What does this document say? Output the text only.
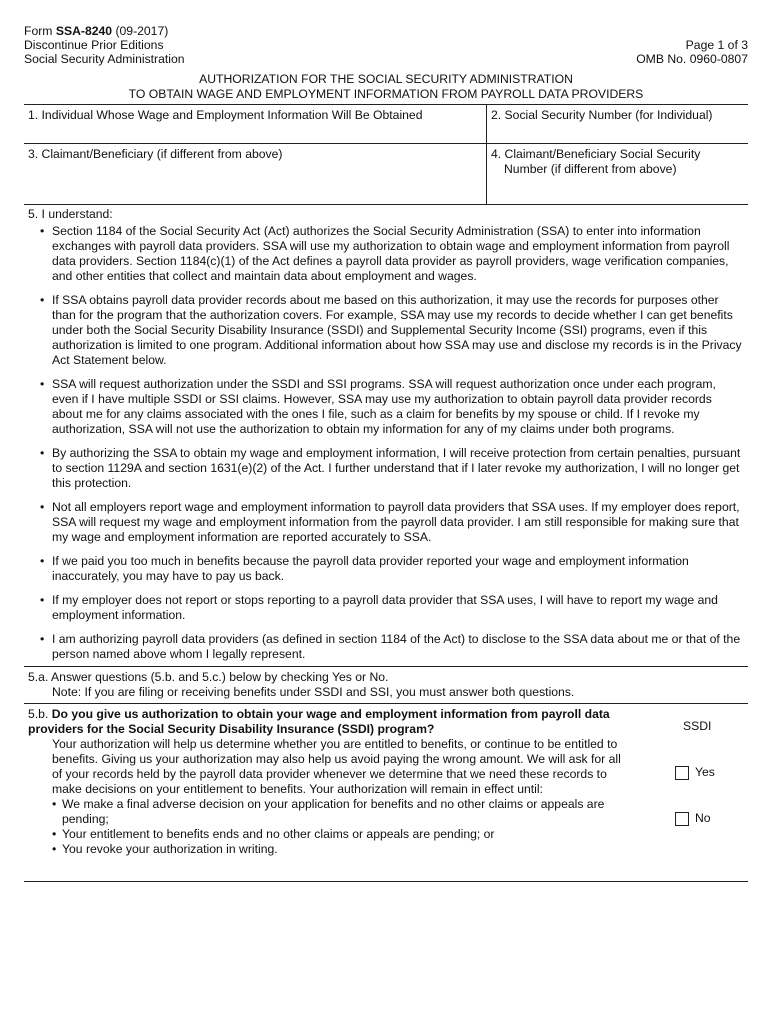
Form SSA-8240 (09-2017)
Discontinue Prior Editions
Social Security Administration
Page 1 of 3
OMB No. 0960-0807
AUTHORIZATION FOR THE SOCIAL SECURITY ADMINISTRATION
TO OBTAIN WAGE AND EMPLOYMENT INFORMATION FROM PAYROLL DATA PROVIDERS
1. Individual Whose Wage and Employment Information Will Be Obtained	2. Social Security Number (for Individual)
3. Claimant/Beneficiary (if different from above)	4. Claimant/Beneficiary Social Security
Number (if different from above)
5. I understand:
• Section 1184 of the Social Security Act (Act) authorizes the Social Security Administration (SSA) to enter into information exchanges with payroll data providers. SSA will use my authorization to obtain wage and employment information from payroll data providers. Section 1184(c)(1) of the Act defines a payroll data provider as payroll providers, wage verification companies, and other entities that collect and maintain data about employment and wages.
• If SSA obtains payroll data provider records about me based on this authorization, it may use the records for purposes other than for the program that the authorization covers. For example, SSA may use my records to decide whether I can get benefits under both the Social Security Disability Insurance (SSDI) and Supplemental Security Income (SSI) programs, even if this authorization is limited to one program. Additional information about how SSA may use and disclose my records is in the Privacy Act Statement below.
• SSA will request authorization under the SSDI and SSI programs. SSA will request authorization once under each program, even if I have multiple SSDI or SSI claims. However, SSA may use my authorization to obtain payroll data provider records about me for any claims associated with the ones I file, such as a claim for benefits by my spouse or child. If I revoke my authorization, SSA will not use the authorization to obtain my information for any of my claims under both programs.
• By authorizing the SSA to obtain my wage and employment information, I will receive protection from certain penalties, pursuant to section 1129A and section 1631(e)(2) of the Act. I further understand that if I later revoke my authorization, I will no longer get this protection.
• Not all employers report wage and employment information to payroll data providers that SSA uses. If my employer does report, SSA will request my wage and employment information from the payroll data provider. I am still responsible for making sure that my wage and employment information are reported accurately to SSA.
• If we paid you too much in benefits because the payroll data provider reported your wage and employment information inaccurately, you may have to pay us back.
• If my employer does not report or stops reporting to a payroll data provider that SSA uses, I will have to report my wage and employment information.
• I am authorizing payroll data providers (as defined in section 1184 of the Act) to disclose to the SSA data about me or that of the person named above whom I legally represent.
5.a. Answer questions (5.b. and 5.c.) below by checking Yes or No.
Note: If you are filing or receiving benefits under SSDI and SSI, you must answer both questions.
5.b. Do you give us authorization to obtain your wage and employment information from payroll data providers for the Social Security Disability Insurance (SSDI) program?
Your authorization will help us determine whether you are entitled to benefits, or continue to be entitled to benefits. Giving us your authorization may also help us avoid paying the wrong amount. We will ask for all of your records held by the payroll data provider whenever we determine that we need these records to make decisions on your entitlement to benefits. Your authorization will remain in effect until:
• We make a final adverse decision on your application for benefits and no other claims or appeals are pending;
• Your entitlement to benefits ends and no other claims or appeals are pending; or
• You revoke your authorization in writing.
SSDI
Yes
No
